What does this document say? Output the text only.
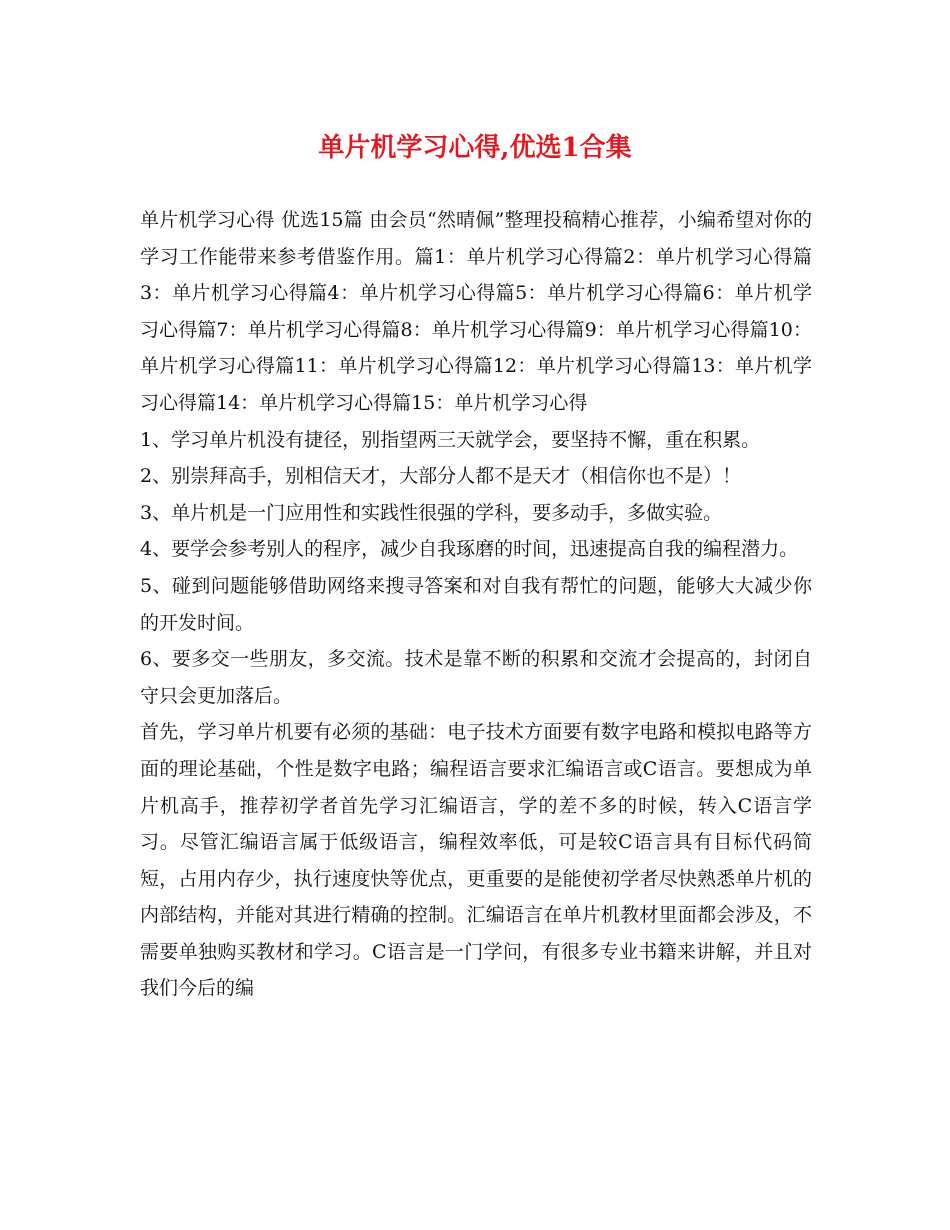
单片机学习心得,优选1合集

单片机学习心得 优选15篇 由会员“然晴佩”整理投稿精心推荐，小编希望对你的学习工作能带来参考借鉴作用。篇1：单片机学习心得篇2：单片机学习心得篇3：单片机学习心得篇4：单片机学习心得篇5：单片机学习心得篇6：单片机学习心得篇7：单片机学习心得篇8：单片机学习心得篇9：单片机学习心得篇10：单片机学习心得篇11：单片机学习心得篇12：单片机学习心得篇13：单片机学习心得篇14：单片机学习心得篇15：单片机学习心得

1、学习单片机没有捷径，别指望两三天就学会，要坚持不懈，重在积累。

2、别崇拜高手，别相信天才，大部分人都不是天才（相信你也不是）！

3、单片机是一门应用性和实践性很强的学科，要多动手，多做实验。

4、要学会参考别人的程序，减少自我琢磨的时间，迅速提高自我的编程潜力。

5、碰到问题能够借助网络来搜寻答案和对自我有帮忙的问题，能够大大减少你的开发时间。

6、要多交一些朋友，多交流。技术是靠不断的积累和交流才会提高的，封闭自守只会更加落后。

首先，学习单片机要有必须的基础：电子技术方面要有数字电路和模拟电路等方面的理论基础，个性是数字电路；编程语言要求汇编语言或C语言。要想成为单片机高手，推荐初学者首先学习汇编语言，学的差不多的时候，转入C语言学习。尽管汇编语言属于低级语言，编程效率低，可是较C语言具有目标代码简短，占用内存少，执行速度快等优点，更重要的是能使初学者尽快熟悉单片机的内部结构，并能对其进行精确的控制。汇编语言在单片机教材里面都会涉及，不需要单独购买教材和学习。C语言是一门学问，有很多专业书籍来讲解，并且对我们今后的编
